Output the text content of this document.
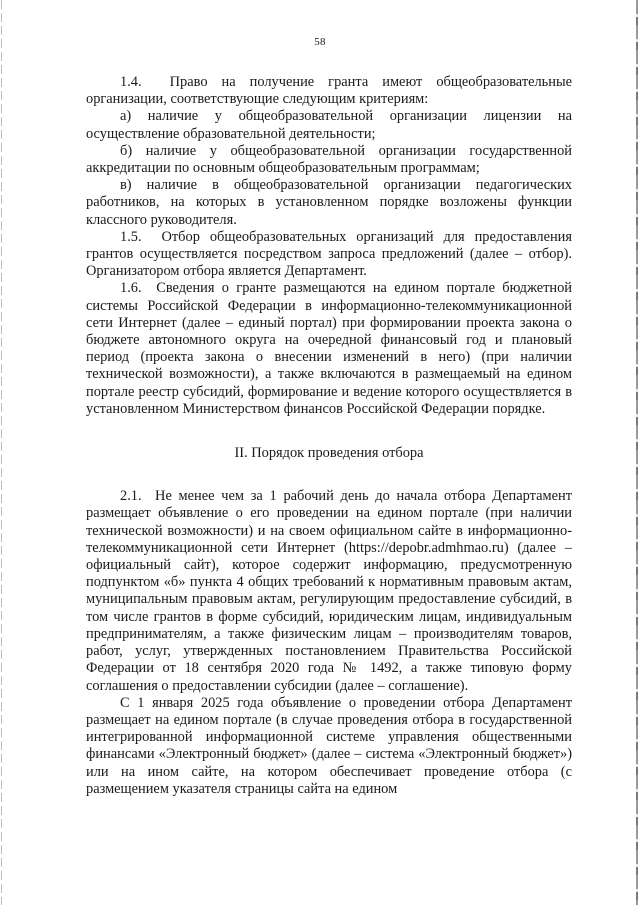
58

1.4.  Право на получение гранта имеют общеобразовательные организации, соответствующие следующим критериям:

а) наличие у общеобразовательной организации лицензии на осуществление образовательной деятельности;

б) наличие у общеобразовательной организации государственной аккредитации по основным общеобразовательным программам;

в) наличие в общеобразовательной организации педагогических работников, на которых в установленном порядке возложены функции классного руководителя.

1.5.  Отбор общеобразовательных организаций для предоставления грантов осуществляется посредством запроса предложений (далее – отбор). Организатором отбора является Департамент.

1.6.  Сведения о гранте размещаются на едином портале бюджетной системы Российской Федерации в информационно-телекоммуникационной сети Интернет (далее – единый портал) при формировании проекта закона о бюджете автономного округа на очередной финансовый год и плановый период (проекта закона о внесении изменений в него) (при наличии технической возможности), а также включаются в размещаемый на едином портале реестр субсидий, формирование и ведение которого осуществляется в установленном Министерством финансов Российской Федерации порядке.

II. Порядок проведения отбора

2.1.  Не менее чем за 1 рабочий день до начала отбора Департамент размещает объявление о его проведении на едином портале (при наличии технической возможности) и на своем официальном сайте в информационно-телекоммуникационной сети Интернет (https://depobr.admhmao.ru) (далее – официальный сайт), которое содержит информацию, предусмотренную подпунктом «б» пункта 4 общих требований к нормативным правовым актам, муниципальным правовым актам, регулирующим предоставление субсидий, в том числе грантов в форме субсидий, юридическим лицам, индивидуальным предпринимателям, а также физическим лицам – производителям товаров, работ, услуг, утвержденных постановлением Правительства Российской Федерации от 18 сентября 2020 года № 1492, а также типовую форму соглашения о предоставлении субсидии (далее – соглашение).

С 1 января 2025 года объявление о проведении отбора Департамент размещает на едином портале (в случае проведения отбора в государственной интегрированной информационной системе управления общественными финансами «Электронный бюджет» (далее – система «Электронный бюджет») или на ином сайте, на котором обеспечивает проведение отбора (с размещением указателя страницы сайта на едином
